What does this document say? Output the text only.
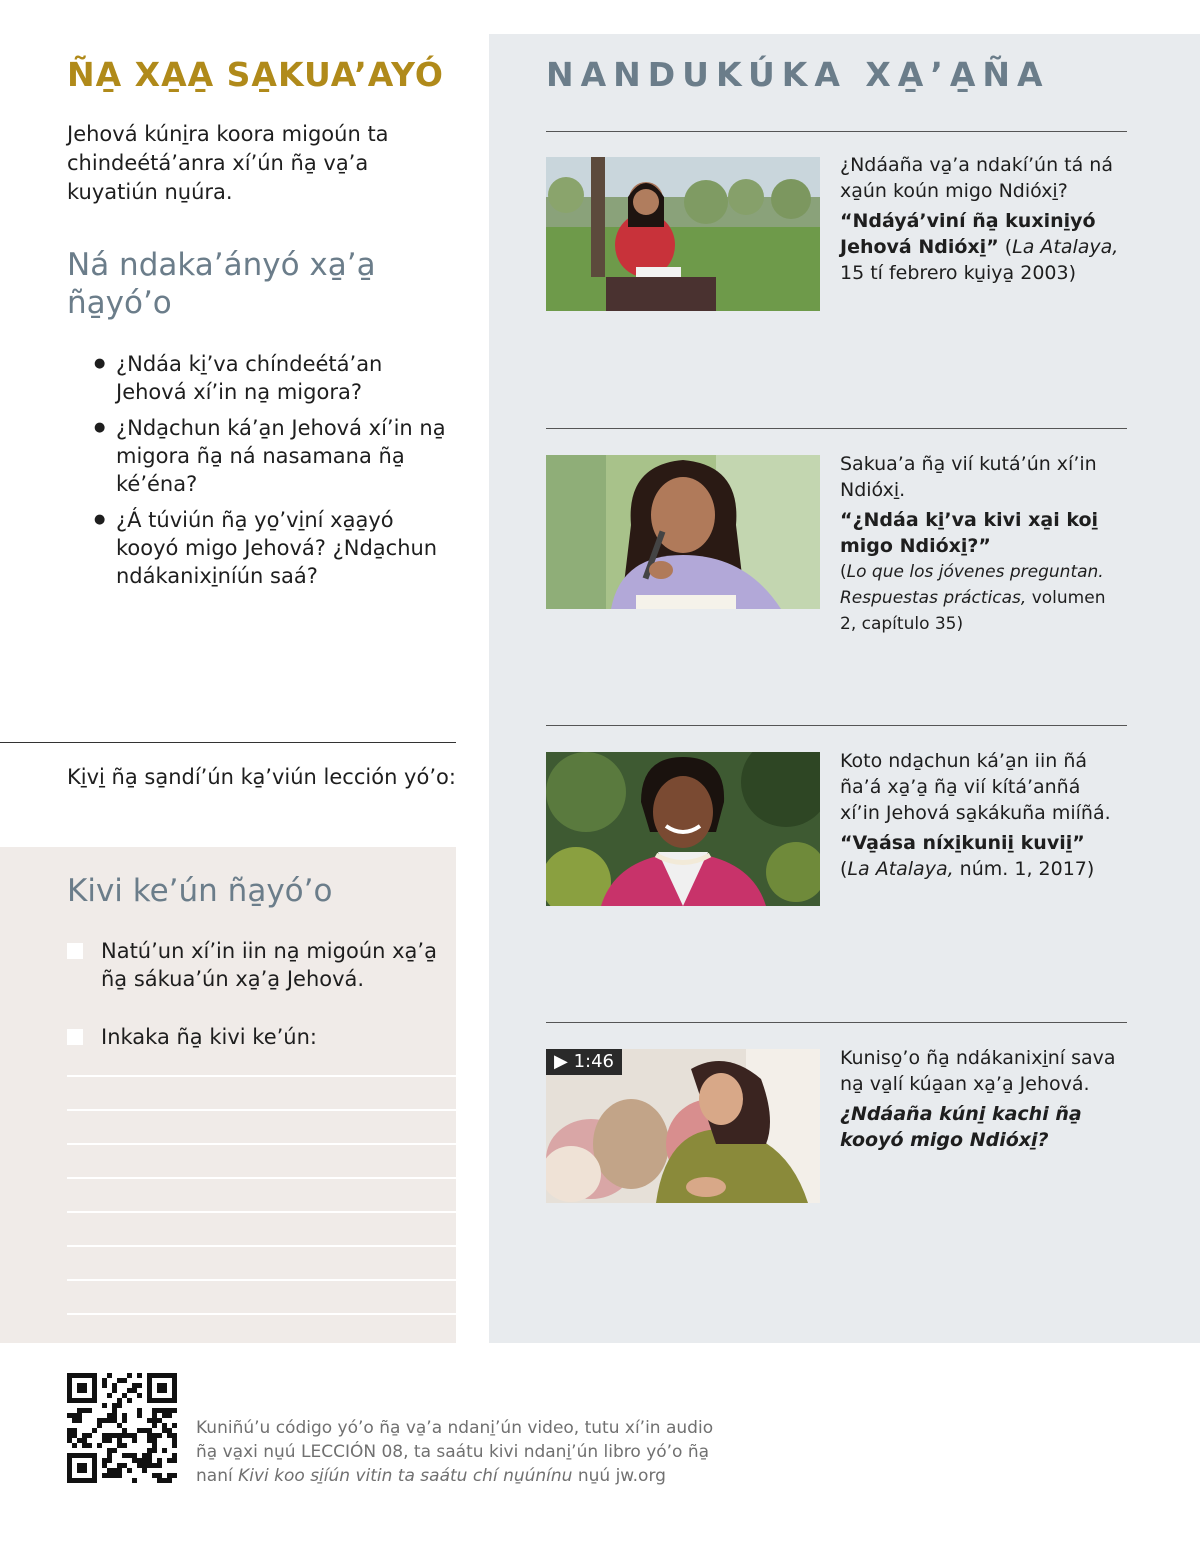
ÑA̱ XA̱A̱ SA̱KUA’AYÓ

Jehová kúni̱ra koora migoún ta chindeétá’anra xí’ún ña̱ va̱’a kuyatiún nu̱úra.

Ná ndaka’ányó xa̱’a̱ ña̱yó’o
● ¿Ndáa ki̱’va chíndeétá’an Jehová xí’in na̱ migora?
● ¿Nda̱chun ká’a̱n Jehová xí’in na̱ migora ña̱ ná nasamana ña̱ ké’éna?
● ¿Á túviún ña̱ yo̱’vi̱ní xa̱a̱yó kooyó migo Jehová? ¿Nda̱chun ndákanixi̱níún saá?

Ki̱vi̱ ña̱ sa̱ndí’ún ka̱’viún lección yó’o:

Kivi ke’ún ña̱yó’o
Natú’un xí’in iin na̱ migoún xa̱’a̱ ña̱ sákua’ún xa̱’a̱ Jehová.
Inkaka ña̱ kivi ke’ún:
NANDUKÚKA XA̱’A̱ÑA
¿Ndáaña va̱’a ndakí’ún tá ná xa̱ún koún migo Ndióxi̱?
“Ndáyá’viní ña̱ kuxini̱yó Jehová Ndióxi̱” (La Atalaya, 15 tí febrero ku̱iya̱ 2003)
Sakua’a ña̱ vií kutá’ún xí’in Ndióxi̱.
“¿Ndáa ki̱’va kivi xa̱i koi̱ migo Ndióxi̱?”
(Lo que los jóvenes preguntan. Respuestas prácticas, volumen 2, capítulo 35)
Koto nda̱chun ká’a̱n iin ñá ña’á xa̱’a̱ ña̱ vií kítá’anñá xí’in Jehová sa̱kákuña miíñá.
“Va̱ása níxi̱kunii̱ kuvii̱”
(La Atalaya, núm. 1, 2017)
▶ 1:46	Kuniso̱’o ña̱ ndákanixi̱ní sava na̱ va̱lí kúa̱an xa̱’a̱ Jehová.
¿Ndáaña kúni̱ kachi ña̱ kooyó migo Ndióxi̱?

Kuniñú’u código yó’o ña̱ va̱’a ndani̱’ún video, tutu xí’in audio ña̱ va̱xi nu̱ú LECCIÓN 08, ta saátu kivi ndani̱’ún libro yó’o ña̱ naní Kivi koo si̱íún vitin ta saátu chí nu̱únínu nu̱ú jw.org
